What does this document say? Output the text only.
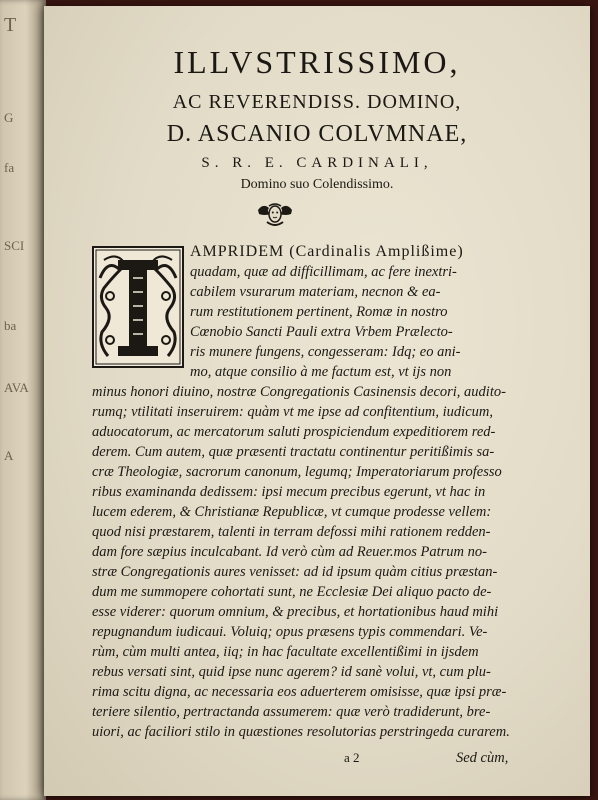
T
G
fa
SCI
ba
AVA
A
ILLVSTRISSIMO,
AC REVERENDISS. DOMINO,
D. ASCANIO COLVMNAE,
S. R. E. CARDINALI,
Domino suo Colendissimo.
AMPRIDEM (Cardinalis Amplißime)
quadam, quæ ad difficillimam, ac fere inextri-
cabilem vsurarum materiam, necnon & ea-
rum restitutionem pertinent, Romæ in nostro
Cœnobio Sancti Pauli extra Vrbem Prælecto-
ris munere fungens, congesseram: Idq; eo ani-
mo, atque consilio à me factum est, vt ijs non
minus honori diuino, nostræ Congregationis Casinensis decori, audito-
rumq; vtilitati inseruirem: quàm vt me ipse ad confitentium, iudicum,
aduocatorum, ac mercatorum saluti prospiciendum expeditiorem red-
derem. Cum autem, quæ præsenti tractatu continentur peritißimis sa-
cræ Theologiæ, sacrorum canonum, legumq; Imperatoriarum professo
ribus examinanda dedissem: ipsi mecum precibus egerunt, vt hac in
lucem ederem, & Christianæ Republicæ, vt cumque prodesse vellem:
quod nisi præstarem, talenti in terram defossi mihi rationem redden-
dam fore sæpius inculcabant. Id verò cùm ad Reuer.mos Patrum no-
stræ Congregationis aures venisset: ad id ipsum quàm citius præstan-
dum me summopere cohortati sunt, ne Ecclesiæ Dei aliquo pacto de-
esse viderer: quorum omnium, & precibus, et hortationibus haud mihi
repugnandum iudicaui. Voluiq; opus præsens typis commendari. Ve-
rùm, cùm multi antea, iiq; in hac facultate excellentißimi in ijsdem
rebus versati sint, quid ipse nunc agerem? id sanè volui, vt, cum plu-
rima scitu digna, ac necessaria eos aduerterem omisisse, quæ ipsi præ-
teriere silentio, pertractanda assumerem: quæ verò tradiderunt, bre-
uiori, ac faciliori stilo in quæstiones resolutorias perstringeda curarem.
a 2	Sed cùm,
